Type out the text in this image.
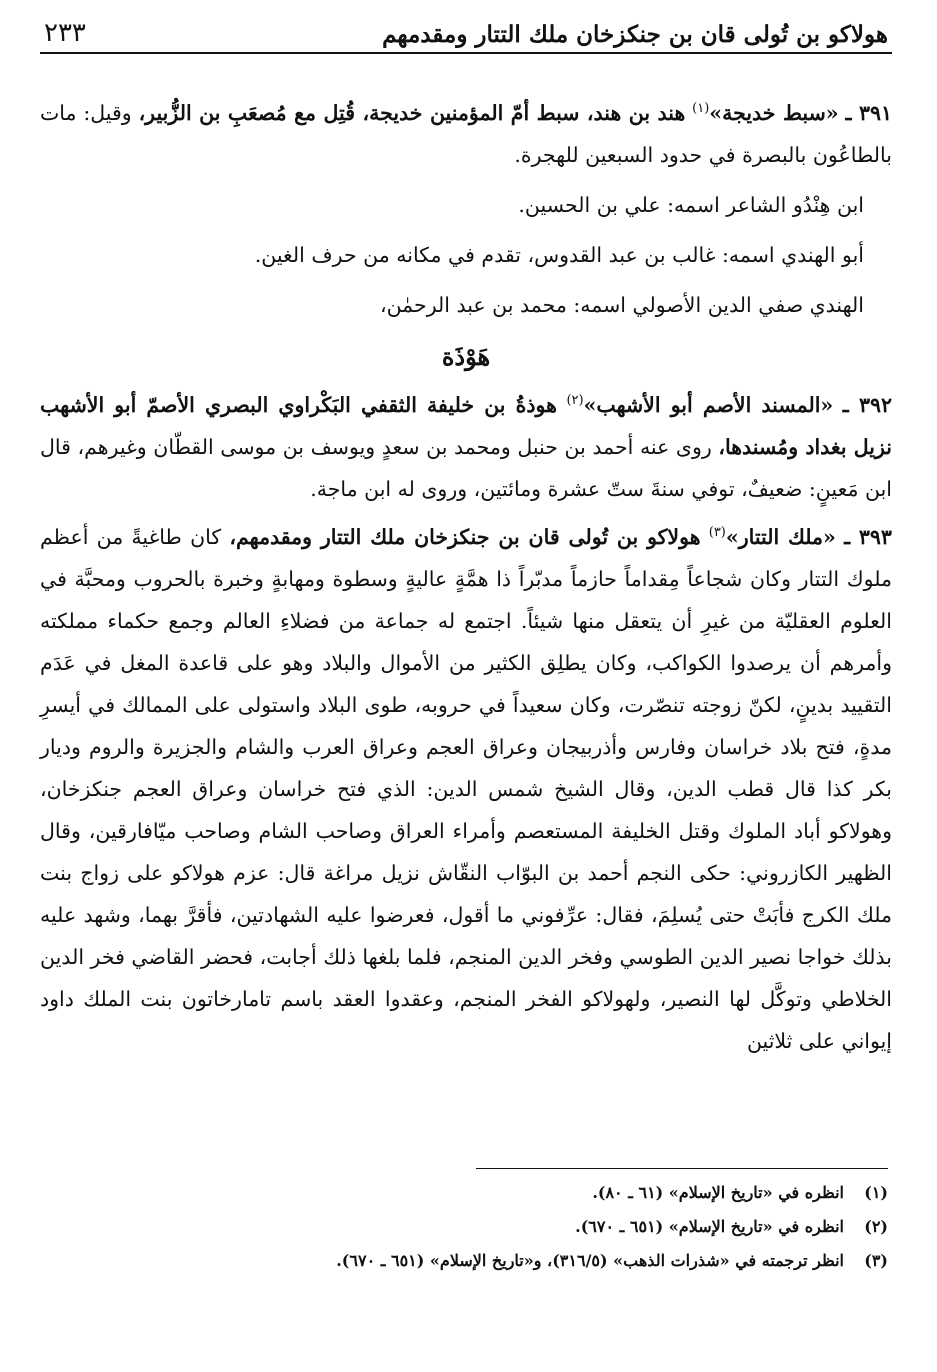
هولاكو بن تُولى قان بن جنكزخان ملك التتار ومقدمهم
٢٣٣

٣٩١ ـ «سبط خديجة»$^{(١)}$ هند بن هند، سبط أمّ المؤمنين خديجة، قُتِل مع مُصعَبِ بن الزُّبير، وقيل: مات بالطاعُون بالبصرة في حدود السبعين للهجرة.

ابن هِنْدُو الشاعر اسمه: علي بن الحسين.

أبو الهندي اسمه: غالب بن عبد القدوس، تقدم في مكانه من حرف الغين.

الهندي صفي الدين الأصولي اسمه: محمد بن عبد الرحمٰن،

هَوْذَة

٣٩٢ ـ «المسند الأصم أبو الأشهب»$^{(٢)}$ هوذةُ بن خليفة الثقفي البَكْراوي البصري الأصمّ أبو الأشهب نزيل بغداد ومُسندها، روى عنه أحمد بن حنبل ومحمد بن سعدٍ ويوسف بن موسى القطّان وغيرهم، قال ابن مَعينٍ: ضعيفٌ، توفي سنةَ ستّ عشرة ومائتين، وروى له ابن ماجة.

٣٩٣ ـ «ملك التتار»$^{(٣)}$ هولاكو بن تُولى قان بن جنكزخان ملك التتار ومقدمهم، كان طاغيةً من أعظم ملوك التتار وكان شجاعاً مِقداماً حازماً مدبّراً ذا همَّةٍ عاليةٍ وسطوة ومهابةٍ وخبرة بالحروب ومحبَّة في العلوم العقليّة من غيرِ أن يتعقل منها شيئاً. اجتمع له جماعة من فضلاءِ العالم وجمع حكماء مملكته وأمرهم أن يرصدوا الكواكب، وكان يطلِق الكثير من الأموال والبلاد وهو على قاعدة المغل في عَدَم التقييد بدينٍ، لكنّ زوجته تنصّرت، وكان سعيداً في حروبه، طوى البلاد واستولى على الممالك في أيسرِ مدةٍ، فتح بلاد خراسان وفارس وأذربيجان وعراق العجم وعراق العرب والشام والجزيرة والروم وديار بكر كذا قال قطب الدين، وقال الشيخ شمس الدين: الذي فتح خراسان وعراق العجم جنكزخان، وهولاكو أباد الملوك وقتل الخليفة المستعصم وأمراء العراق وصاحب الشام وصاحب ميّافارقين، وقال الظهير الكازروني: حكى النجم أحمد بن البوّاب النقّاش نزيل مراغة قال: عزم هولاكو على زواج بنت ملك الكرج فأبَتْ حتى يُسلِمَ، فقال: عرِّفوني ما أقول، فعرضوا عليه الشهادتين، فأقرَّ بهما، وشهد عليه بذلك خواجا نصير الدين الطوسي وفخر الدين المنجم، فلما بلغها ذلك أجابت، فحضر القاضي فخر الدين الخلاطي وتوكَّل لها النصير، ولهولاكو الفخر المنجم، وعقدوا العقد باسم تامارخاتون بنت الملك داود إيواني على ثلاثين

(١)
انظره في «تاريخ الإسلام» (٦١ ـ ٨٠).
(٢)
انظره في «تاريخ الإسلام» (٦٥١ ـ ٦٧٠).
(٣)
انظر ترجمته في «شذرات الذهب» (٣١٦/٥)، و«تاريخ الإسلام» (٦٥١ ـ ٦٧٠).
